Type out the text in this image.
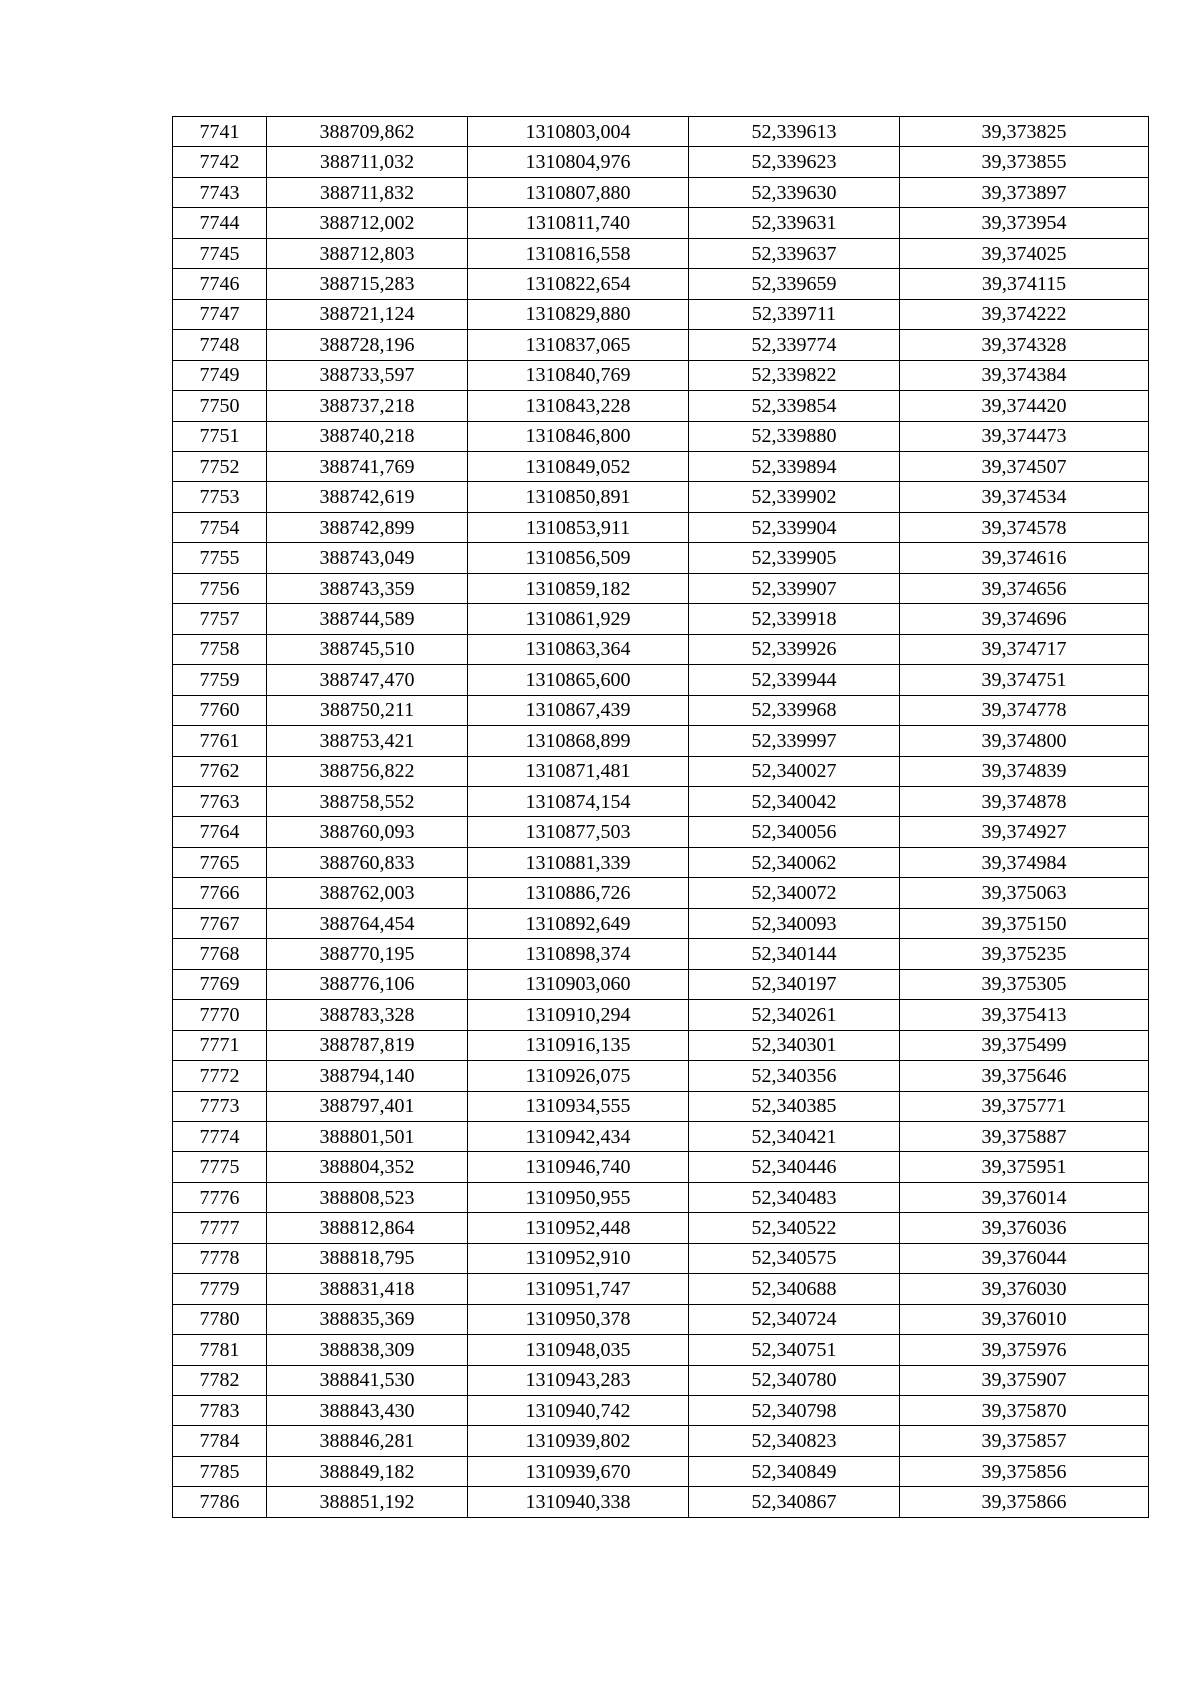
7741	388709,862	1310803,004	52,339613	39,373825
7742	388711,032	1310804,976	52,339623	39,373855
7743	388711,832	1310807,880	52,339630	39,373897
7744	388712,002	1310811,740	52,339631	39,373954
7745	388712,803	1310816,558	52,339637	39,374025
7746	388715,283	1310822,654	52,339659	39,374115
7747	388721,124	1310829,880	52,339711	39,374222
7748	388728,196	1310837,065	52,339774	39,374328
7749	388733,597	1310840,769	52,339822	39,374384
7750	388737,218	1310843,228	52,339854	39,374420
7751	388740,218	1310846,800	52,339880	39,374473
7752	388741,769	1310849,052	52,339894	39,374507
7753	388742,619	1310850,891	52,339902	39,374534
7754	388742,899	1310853,911	52,339904	39,374578
7755	388743,049	1310856,509	52,339905	39,374616
7756	388743,359	1310859,182	52,339907	39,374656
7757	388744,589	1310861,929	52,339918	39,374696
7758	388745,510	1310863,364	52,339926	39,374717
7759	388747,470	1310865,600	52,339944	39,374751
7760	388750,211	1310867,439	52,339968	39,374778
7761	388753,421	1310868,899	52,339997	39,374800
7762	388756,822	1310871,481	52,340027	39,374839
7763	388758,552	1310874,154	52,340042	39,374878
7764	388760,093	1310877,503	52,340056	39,374927
7765	388760,833	1310881,339	52,340062	39,374984
7766	388762,003	1310886,726	52,340072	39,375063
7767	388764,454	1310892,649	52,340093	39,375150
7768	388770,195	1310898,374	52,340144	39,375235
7769	388776,106	1310903,060	52,340197	39,375305
7770	388783,328	1310910,294	52,340261	39,375413
7771	388787,819	1310916,135	52,340301	39,375499
7772	388794,140	1310926,075	52,340356	39,375646
7773	388797,401	1310934,555	52,340385	39,375771
7774	388801,501	1310942,434	52,340421	39,375887
7775	388804,352	1310946,740	52,340446	39,375951
7776	388808,523	1310950,955	52,340483	39,376014
7777	388812,864	1310952,448	52,340522	39,376036
7778	388818,795	1310952,910	52,340575	39,376044
7779	388831,418	1310951,747	52,340688	39,376030
7780	388835,369	1310950,378	52,340724	39,376010
7781	388838,309	1310948,035	52,340751	39,375976
7782	388841,530	1310943,283	52,340780	39,375907
7783	388843,430	1310940,742	52,340798	39,375870
7784	388846,281	1310939,802	52,340823	39,375857
7785	388849,182	1310939,670	52,340849	39,375856
7786	388851,192	1310940,338	52,340867	39,375866
